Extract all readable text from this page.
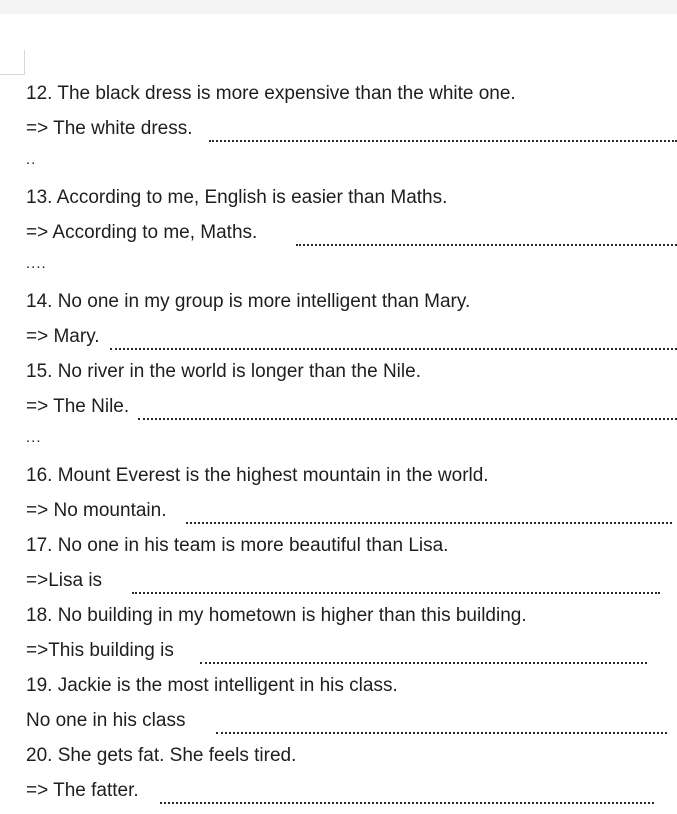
12. The black dress is more expensive than the white one.
=> The white dress.
..
13. According to me, English is easier than Maths.
=> According to me, Maths.
....
14. No one in my group is more intelligent than Mary.
=> Mary.
15. No river in the world is longer than the Nile.
=> The Nile.
...
16. Mount Everest is the highest mountain in the world.
=> No mountain.
17. No one in his team is more beautiful than Lisa.
=>Lisa is
18. No building in my hometown is higher than this building.
=>This building is
19. Jackie is the most intelligent in his class.
No one in his class
20. She gets fat. She feels tired.
=> The fatter.
